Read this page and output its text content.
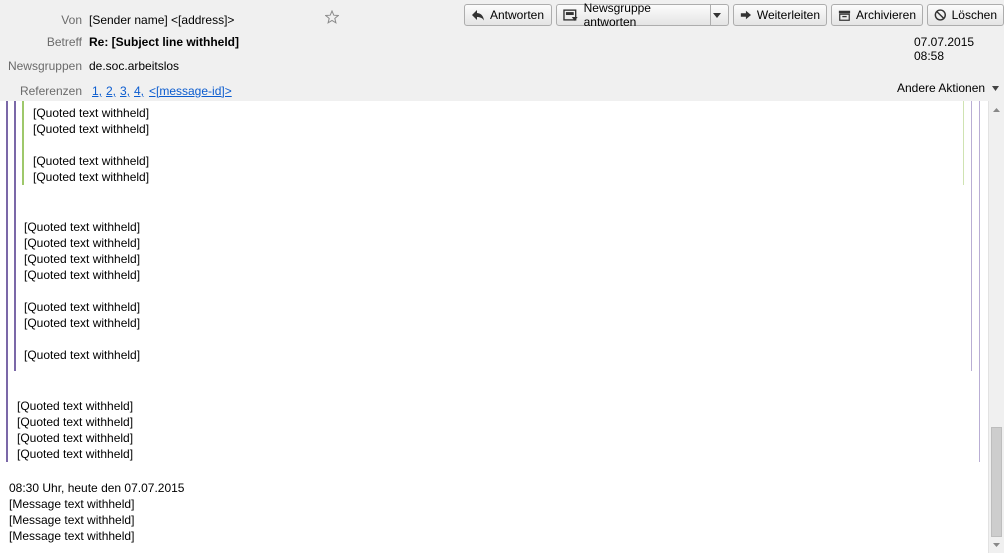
Von [Sender name] <[address]>	Antworten	Newsgruppe antworten	Weiterleiten	Archivieren	Löschen
Betreff Re: [Subject line withheld]	07.07.2015 08:58
Newsgruppen de.soc.arbeitslos
Referenzen 1, 2, 3, 4, <[message-id]>	Andere Aktionen
[Quoted text withheld]
[Quoted text withheld]
[Quoted text withheld]
[Quoted text withheld]
[Quoted text withheld]
[Quoted text withheld]
[Quoted text withheld]
[Quoted text withheld]
[Quoted text withheld]
[Quoted text withheld]
[Quoted text withheld]
[Quoted text withheld]
[Quoted text withheld]
[Quoted text withheld]
[Quoted text withheld]
08:30 Uhr, heute den 07.07.2015
[Message text withheld]
[Message text withheld]
[Message text withheld]
